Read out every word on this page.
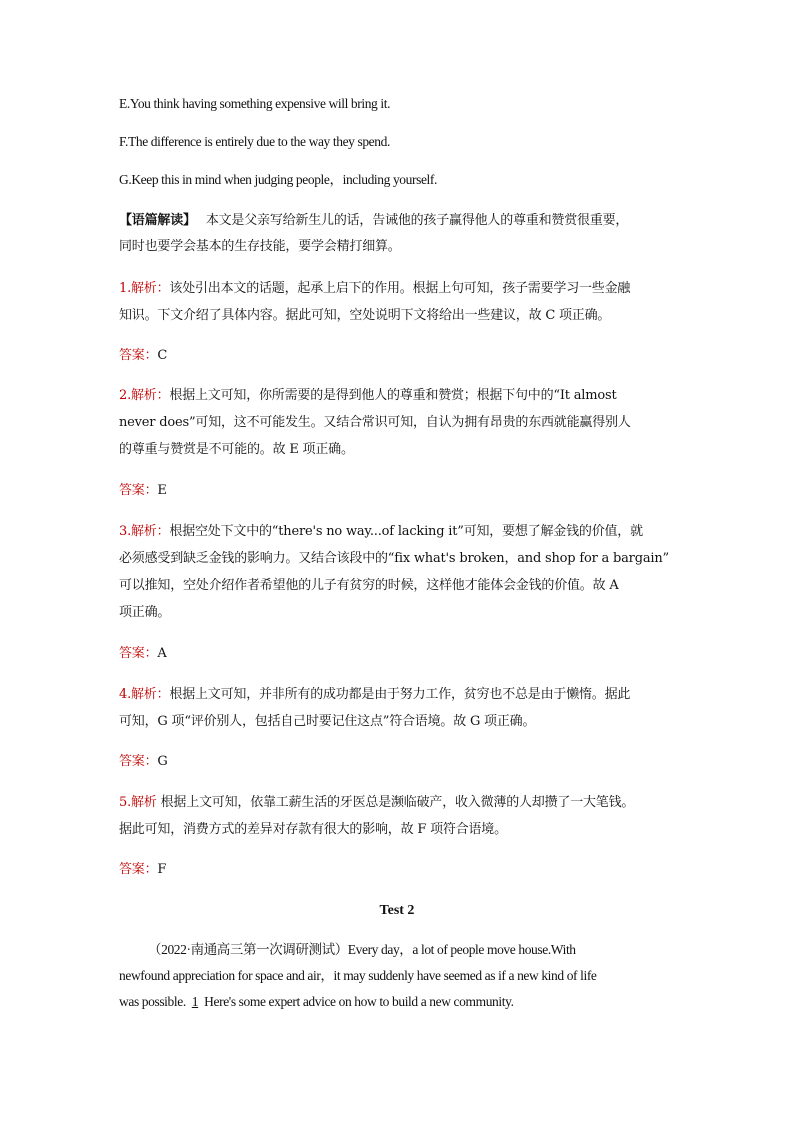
E.You think having something expensive will bring it.
F.The difference is entirely due to the way they spend.
G.Keep this in mind when judging people，including yourself.
【语篇解读】 本文是父亲写给新生儿的话，告诫他的孩子赢得他人的尊重和赞赏很重要，
同时也要学会基本的生存技能，要学会精打细算。
1.解析：该处引出本文的话题，起承上启下的作用。根据上句可知，孩子需要学习一些金融
知识。下文介绍了具体内容。据此可知，空处说明下文将给出一些建议，故 C 项正确。
答案：C
2.解析：根据上文可知，你所需要的是得到他人的尊重和赞赏；根据下句中的“It almost
never does”可知，这不可能发生。又结合常识可知，自认为拥有昂贵的东西就能赢得别人
的尊重与赞赏是不可能的。故 E 项正确。
答案：E
3.解析：根据空处下文中的“there's no way...of lacking it”可知，要想了解金钱的价值，就
必须感受到缺乏金钱的影响力。又结合该段中的“fix what's broken，and shop for a bargain”
可以推知，空处介绍作者希望他的儿子有贫穷的时候，这样他才能体会金钱的价值。故 A
项正确。
答案：A
4.解析：根据上文可知，并非所有的成功都是由于努力工作，贫穷也不总是由于懒惰。据此
可知，G 项“评价别人，包括自己时要记住这点”符合语境。故 G 项正确。
答案：G
5.解析 根据上文可知，依靠工薪生活的牙医总是濒临破产，收入微薄的人却攒了一大笔钱。
据此可知，消费方式的差异对存款有很大的影响，故 F 项符合语境。
答案：F
Test 2
（2022·南通高三第一次调研测试）Every day，a lot of people move house.With
newfound appreciation for space and air，it may suddenly have seemed as if a new kind of life
was possible. 1 Here's some expert advice on how to build a new community.
